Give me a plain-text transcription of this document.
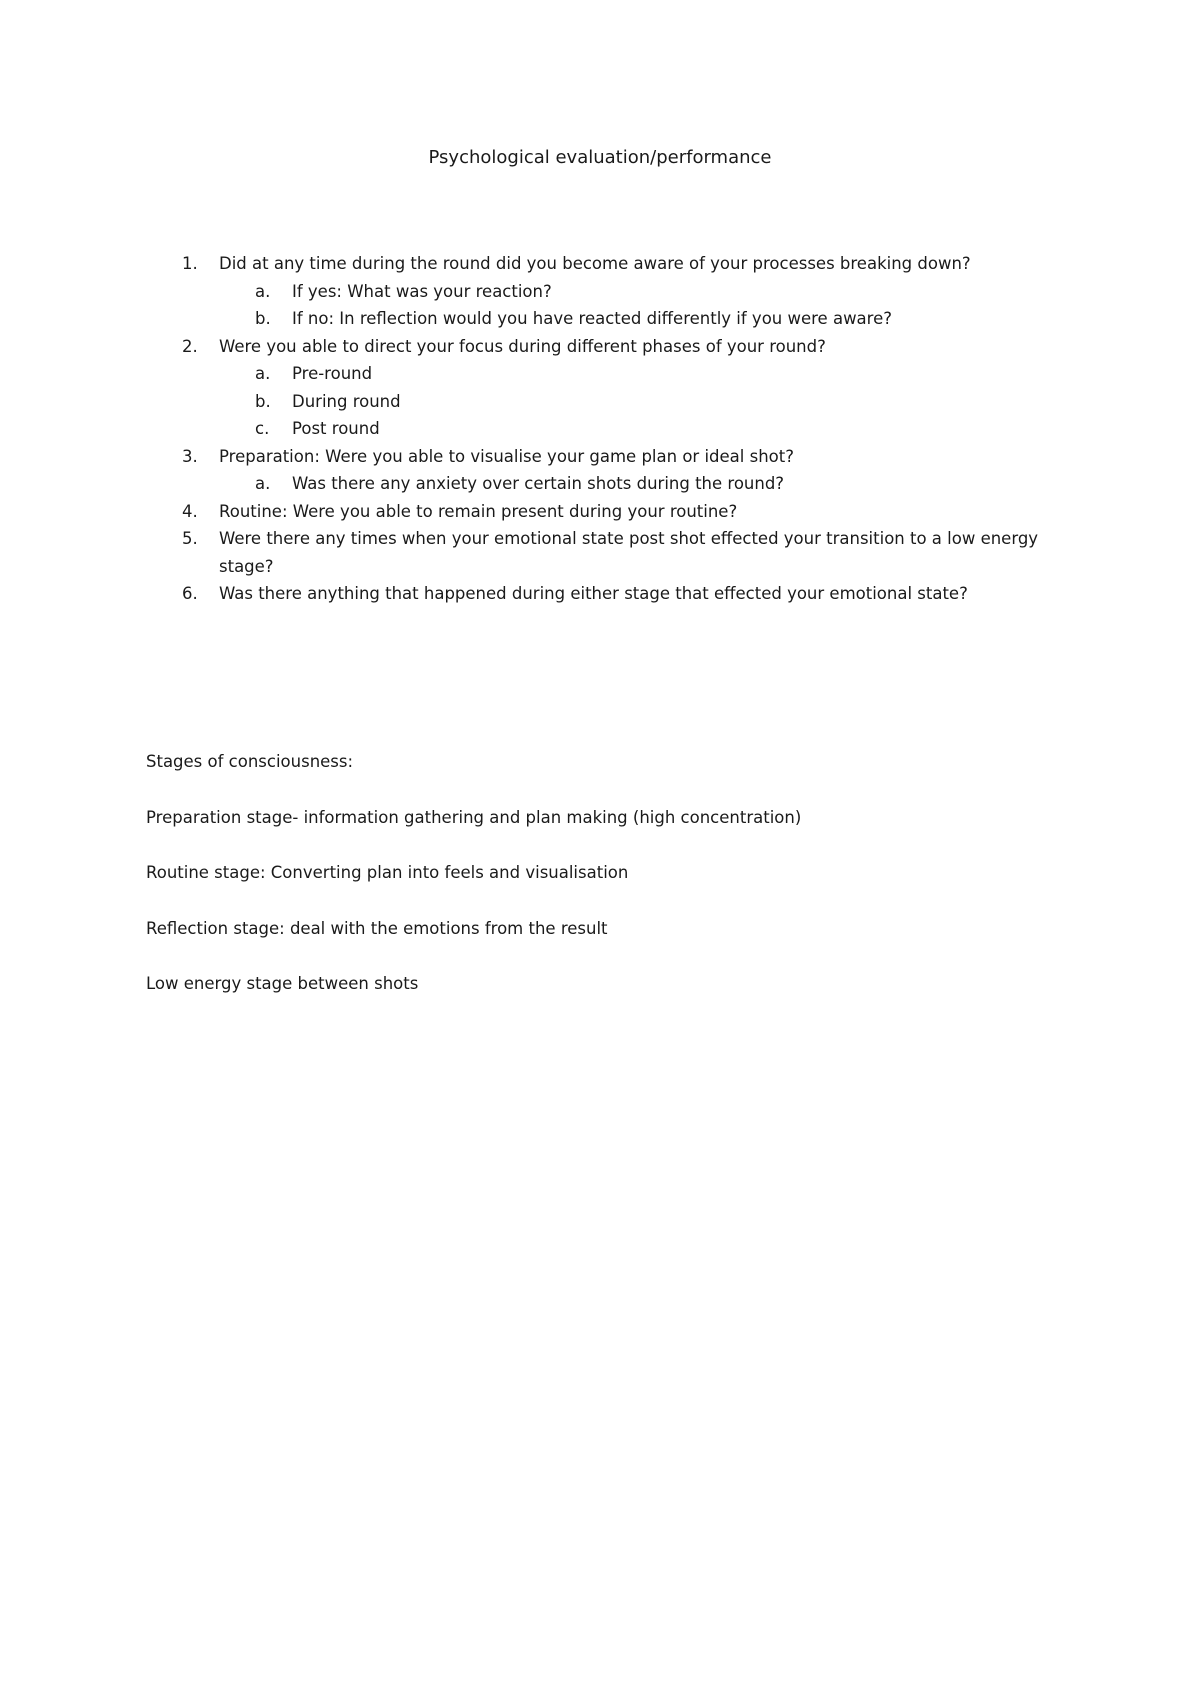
Psychological evaluation/performance
1. Did at any time during the round did you become aware of your processes breaking down?
a. If yes: What was your reaction?
b. If no: In reflection would you have reacted differently if you were aware?
2. Were you able to direct your focus during different phases of your round?
a. Pre-round
b. During round
c. Post round
3. Preparation: Were you able to visualise your game plan or ideal shot?
a. Was there any anxiety over certain shots during the round?
4. Routine: Were you able to remain present during your routine?
5. Were there any times when your emotional state post shot effected your transition to a low energy stage?
6. Was there anything that happened during either stage that effected your emotional state?
Stages of consciousness:
Preparation stage- information gathering and plan making (high concentration)
Routine stage: Converting plan into feels and visualisation
Reflection stage: deal with the emotions from the result
Low energy stage between shots
